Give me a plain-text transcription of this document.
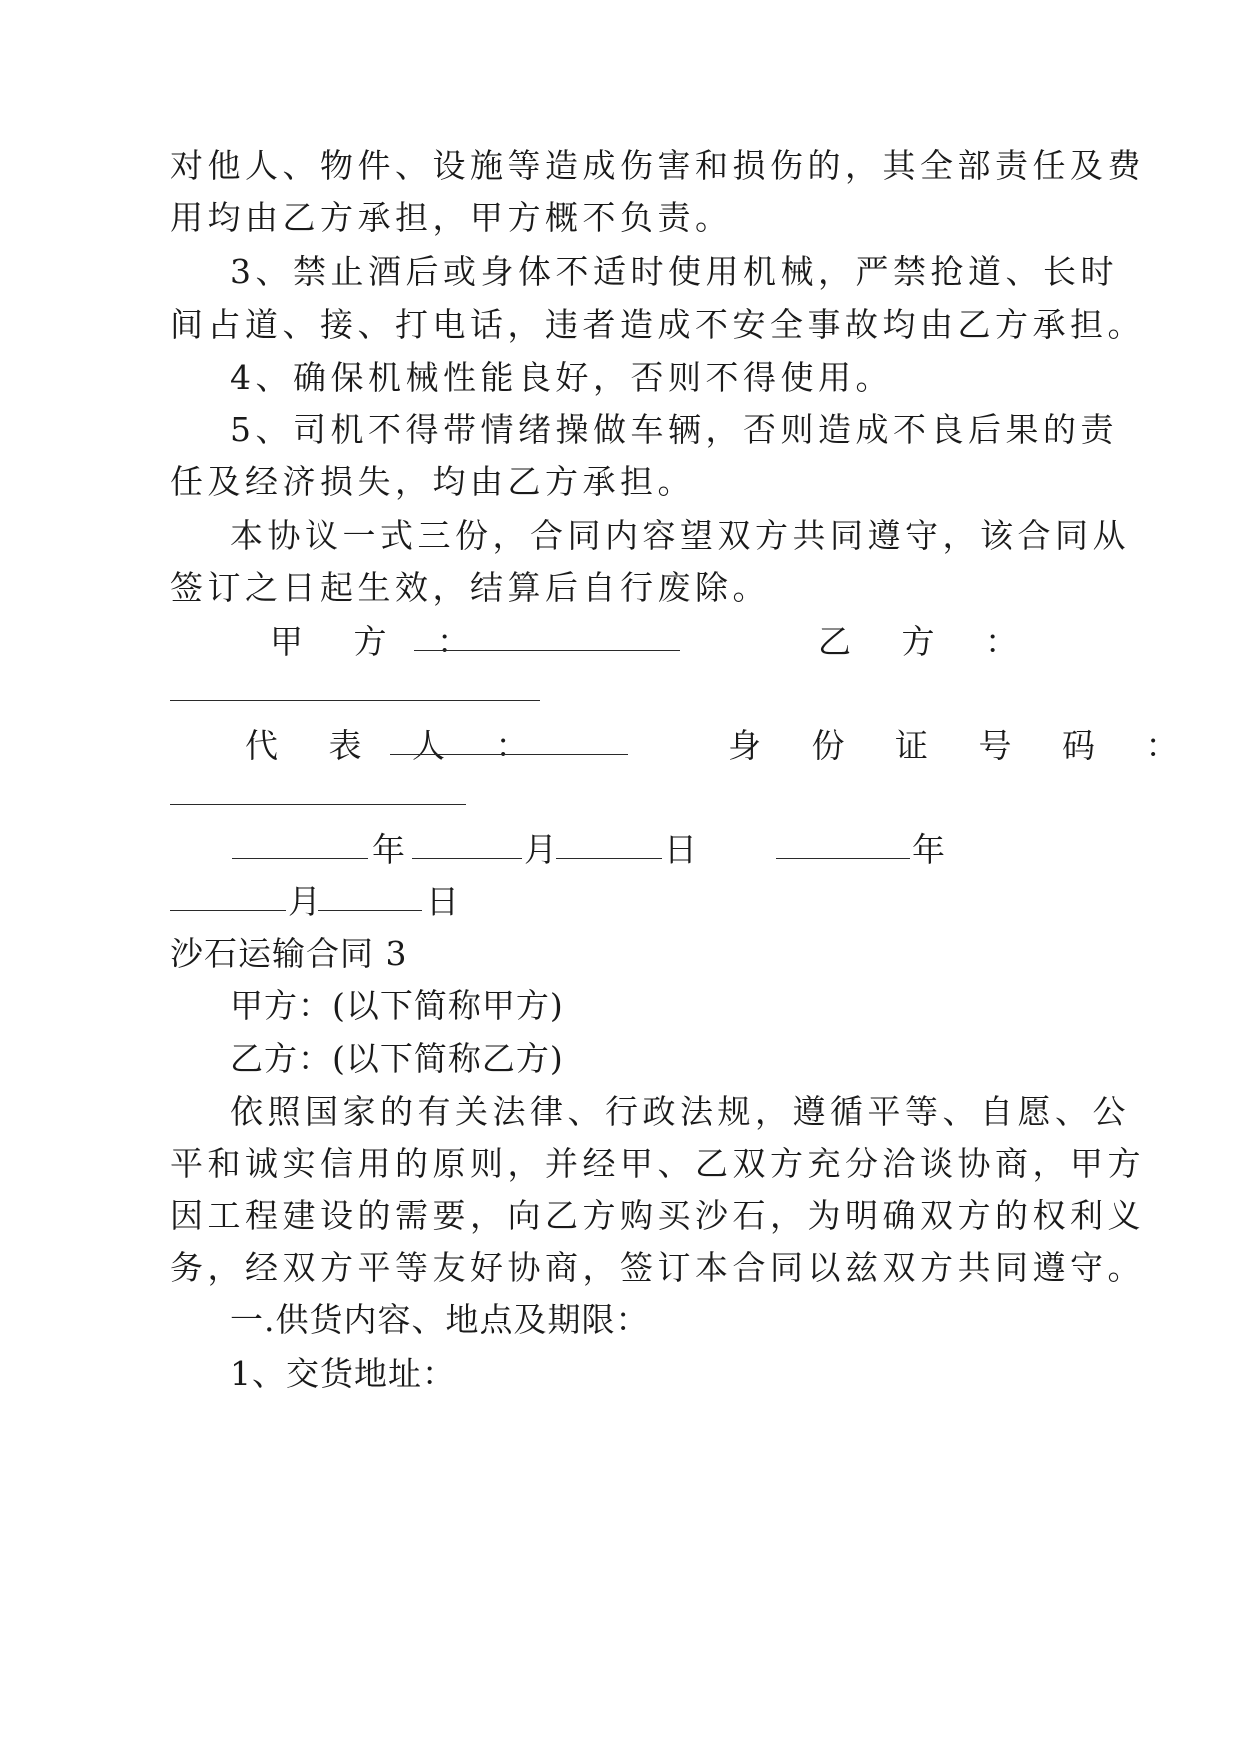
对他人、物件、设施等造成伤害和损伤的，其全部责任及费
用均由乙方承担，甲方概不负责。
3、禁止酒后或身体不适时使用机械，严禁抢道、长时
间占道、接、打电话，违者造成不安全事故均由乙方承担。
4、确保机械性能良好，否则不得使用。
5、司机不得带情绪操做车辆，否则造成不良后果的责
任及经济损失，均由乙方承担。
本协议一式三份，合同内容望双方共同遵守，该合同从
签订之日起生效，结算后自行废除。
甲 方 ：	乙 方 ：
代 表 人 ：	身 份 证 号 码 ：
年	月	日	年
月	日
沙石运输合同 3
甲方：(以下简称甲方)
乙方：(以下简称乙方)
依照国家的有关法律、行政法规，遵循平等、自愿、公
平和诚实信用的原则，并经甲、乙双方充分洽谈协商，甲方
因工程建设的需要，向乙方购买沙石，为明确双方的权利义
务，经双方平等友好协商，签订本合同以兹双方共同遵守。
一.供货内容、地点及期限：
1、交货地址：
